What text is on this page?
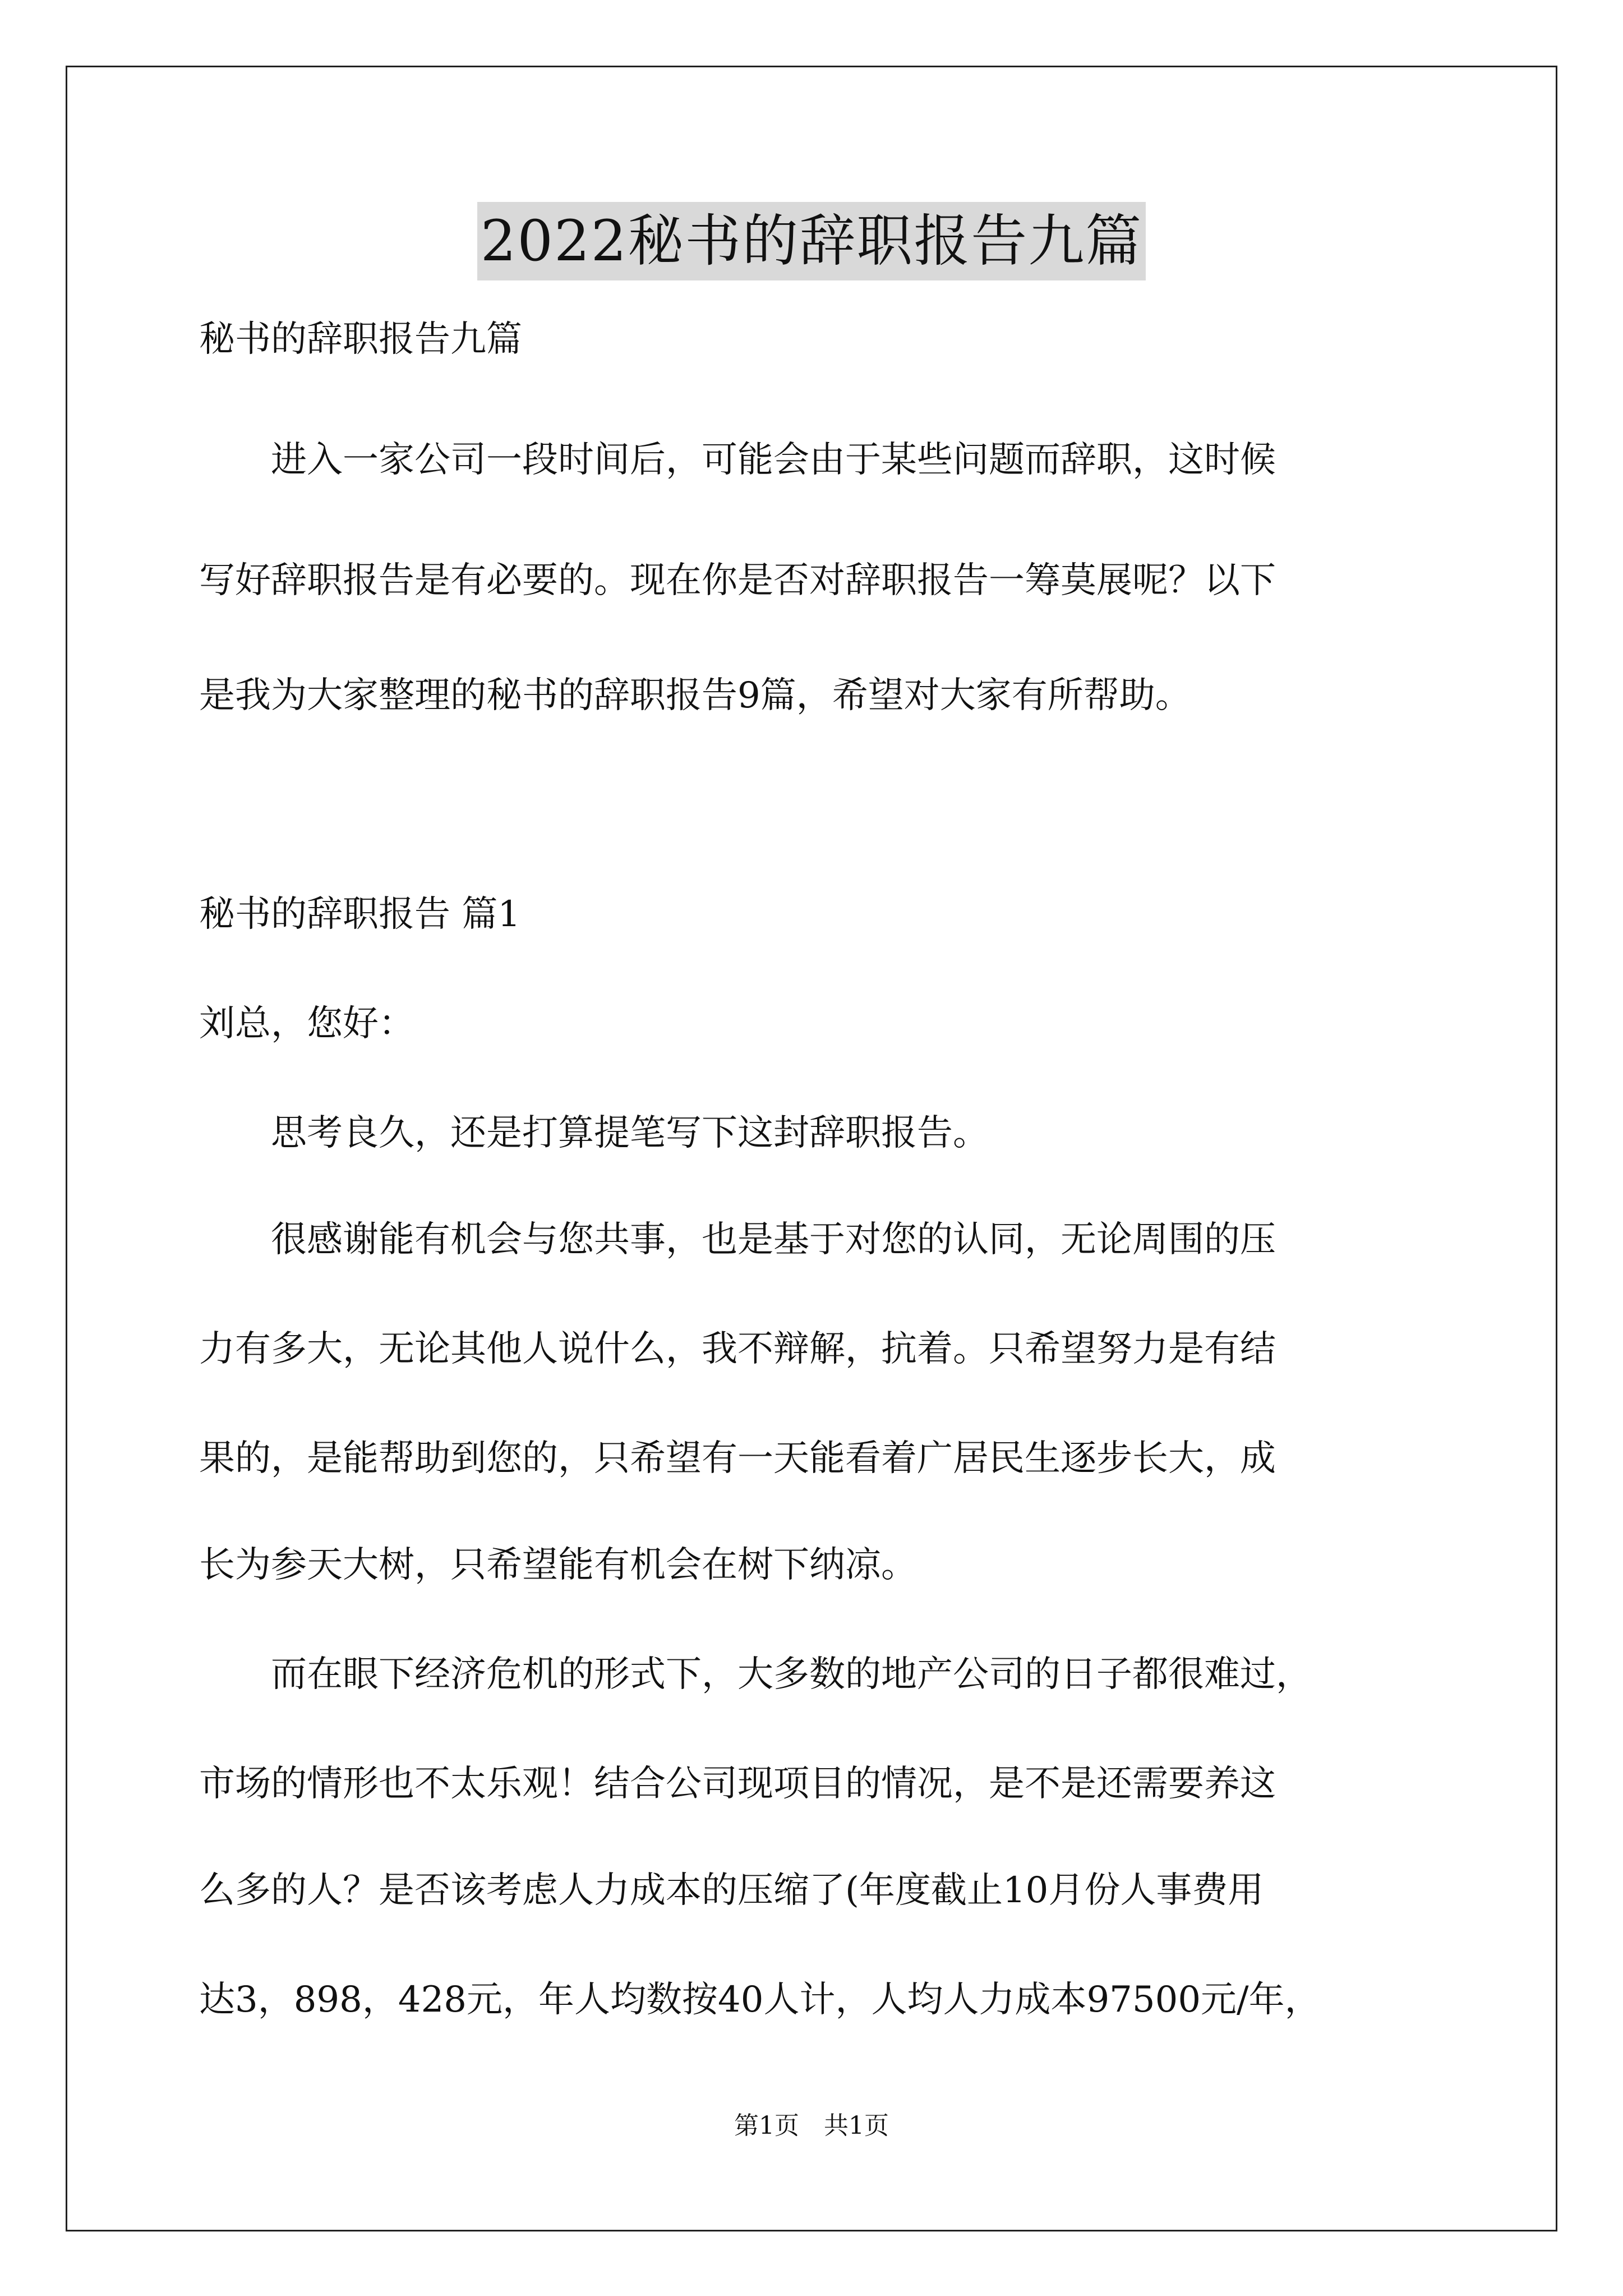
2022秘书的辞职报告九篇
秘书的辞职报告九篇
　　进入一家公司一段时间后，可能会由于某些问题而辞职，这时候
写好辞职报告是有必要的。现在你是否对辞职报告一筹莫展呢？以下
是我为大家整理的秘书的辞职报告9篇，希望对大家有所帮助。
秘书的辞职报告 篇1
刘总，您好：
　　思考良久，还是打算提笔写下这封辞职报告。
　　很感谢能有机会与您共事，也是基于对您的认同，无论周围的压
力有多大，无论其他人说什么，我不辩解，抗着。只希望努力是有结
果的，是能帮助到您的，只希望有一天能看着广居民生逐步长大，成
长为参天大树，只希望能有机会在树下纳凉。
　　而在眼下经济危机的形式下，大多数的地产公司的日子都很难过，
市场的情形也不太乐观！结合公司现项目的情况，是不是还需要养这
么多的人？是否该考虑人力成本的压缩了(年度截止10月份人事费用
达3，898，428元，年人均数按40人计，人均人力成本97500元/年，
第1页　共1页
